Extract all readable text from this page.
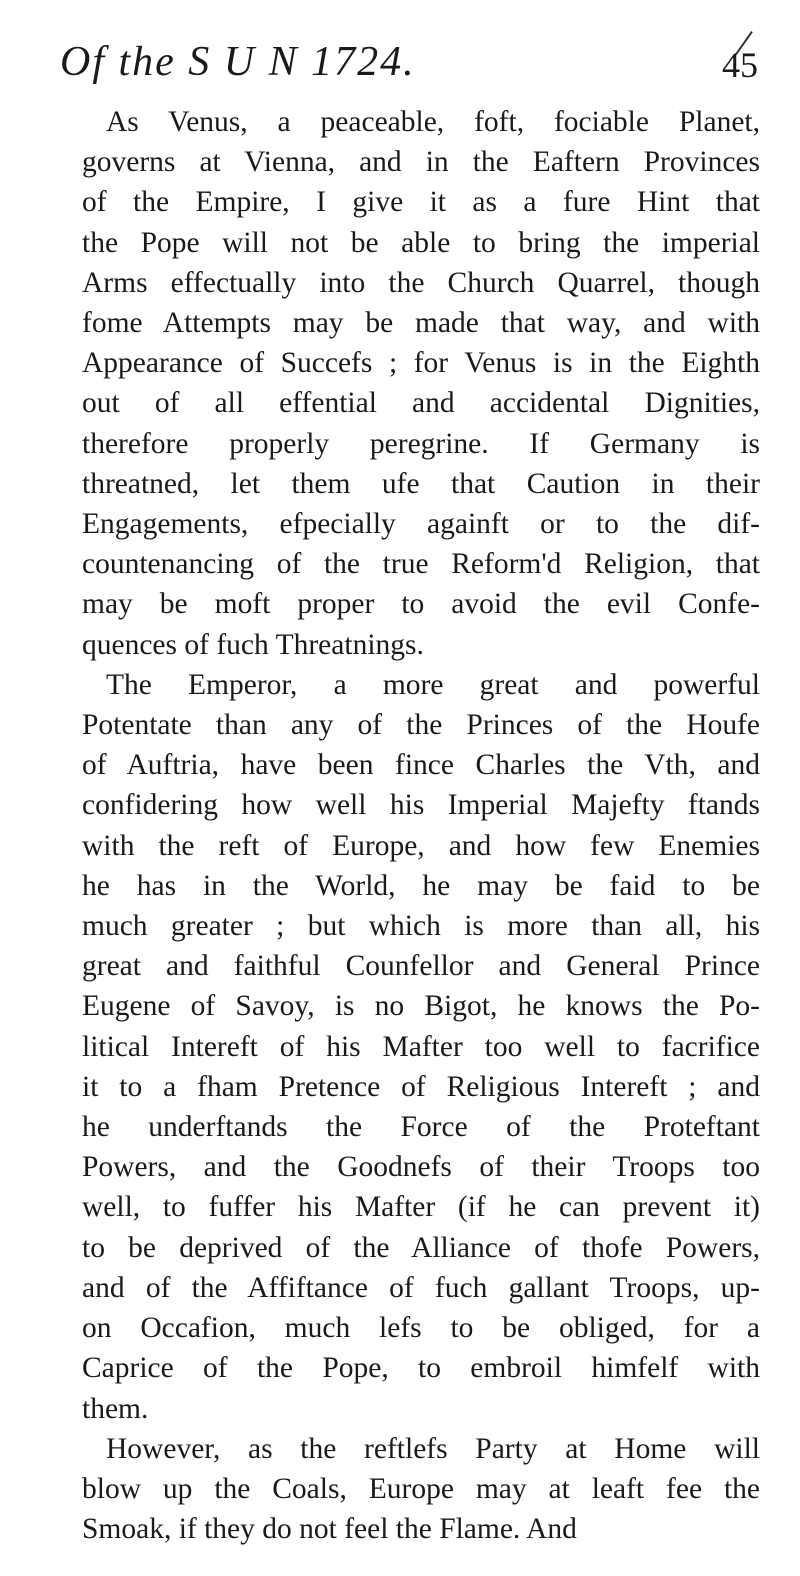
Of the S U N 1724.	45
As Venus, a peaceable, foft, fociable Planet,
governs at Vienna, and in the Eaftern Provinces
of the Empire, I give it as a fure Hint that
the Pope will not be able to bring the imperial
Arms effectually into the Church Quarrel, though
fome Attempts may be made that way, and with
Appearance of Succefs ; for Venus is in the Eighth
out of all effential and accidental Dignities,
therefore properly peregrine. If Germany is
threatned, let them ufe that Caution in their
Engagements, efpecially againft or to the dif-
countenancing of the true Reform'd Religion, that
may be moft proper to avoid the evil Confe-
quences of fuch Threatnings.
The Emperor, a more great and powerful
Potentate than any of the Princes of the Houfe
of Auftria, have been fince Charles the Vth, and
confidering how well his Imperial Majefty ftands
with the reft of Europe, and how few Enemies
he has in the World, he may be faid to be
much greater ; but which is more than all, his
great and faithful Counfellor and General Prince
Eugene of Savoy, is no Bigot, he knows the Po-
litical Intereft of his Mafter too well to facrifice
it to a fham Pretence of Religious Intereft ; and
he underftands the Force of the Proteftant
Powers, and the Goodnefs of their Troops too
well, to fuffer his Mafter (if he can prevent it)
to be deprived of the Alliance of thofe Powers,
and of the Affiftance of fuch gallant Troops, up-
on Occafion, much lefs to be obliged, for a
Caprice of the Pope, to embroil himfelf with
them.
However, as the reftlefs Party at Home will
blow up the Coals, Europe may at leaft fee the
Smoak, if they do not feel the Flame. And
